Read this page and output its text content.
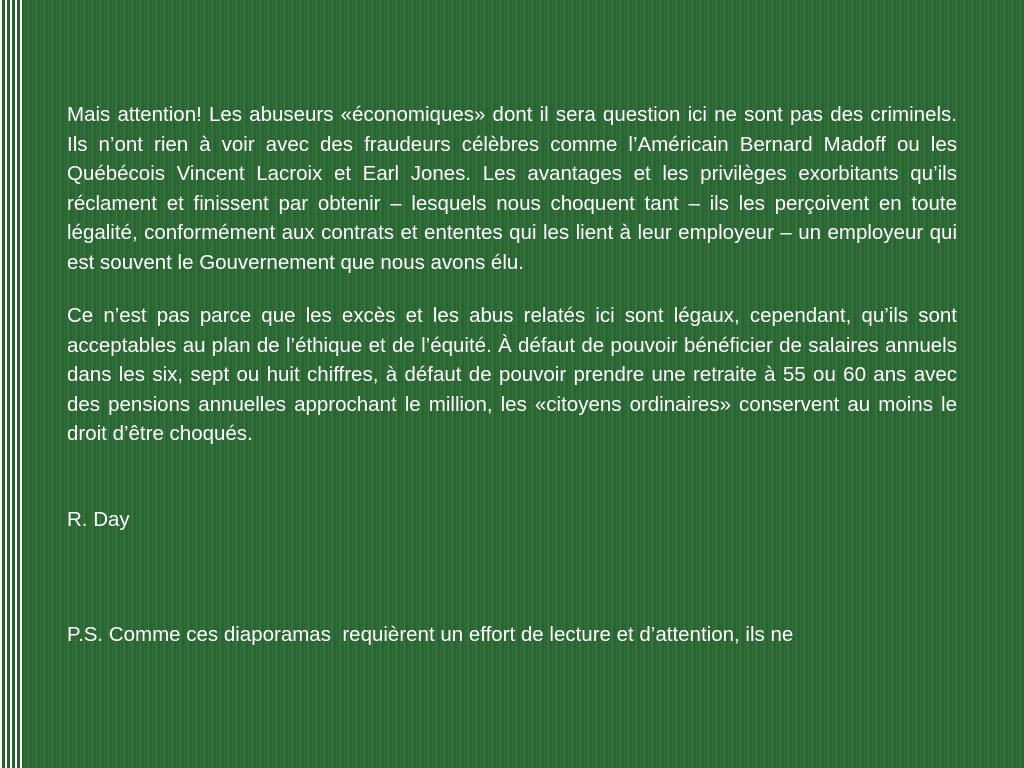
Mais attention! Les abuseurs «économiques» dont il sera question ici ne sont pas des criminels. Ils n’ont rien à voir avec des fraudeurs célèbres comme l’Américain Bernard Madoff ou les Québécois Vincent Lacroix et Earl Jones. Les avantages et les privilèges exorbitants qu’ils réclament et finissent par obtenir – lesquels nous choquent tant – ils les perçoivent en toute légalité, conformément aux contrats et ententes qui les lient à leur employeur – un employeur qui est souvent le Gouvernement que nous avons élu.

Ce n’est pas parce que les excès et les abus relatés ici sont légaux, cependant, qu’ils sont acceptables au plan de l’éthique et de l’équité. À défaut de pouvoir bénéficier de salaires annuels dans les six, sept ou huit chiffres, à défaut de pouvoir prendre une retraite à 55 ou 60 ans avec des pensions annuelles approchant le million, les «citoyens ordinaires» conservent au moins le droit d’être choqués.

R. Day

P.S. Comme ces diaporamas  requièrent un effort de lecture et d’attention, ils ne
